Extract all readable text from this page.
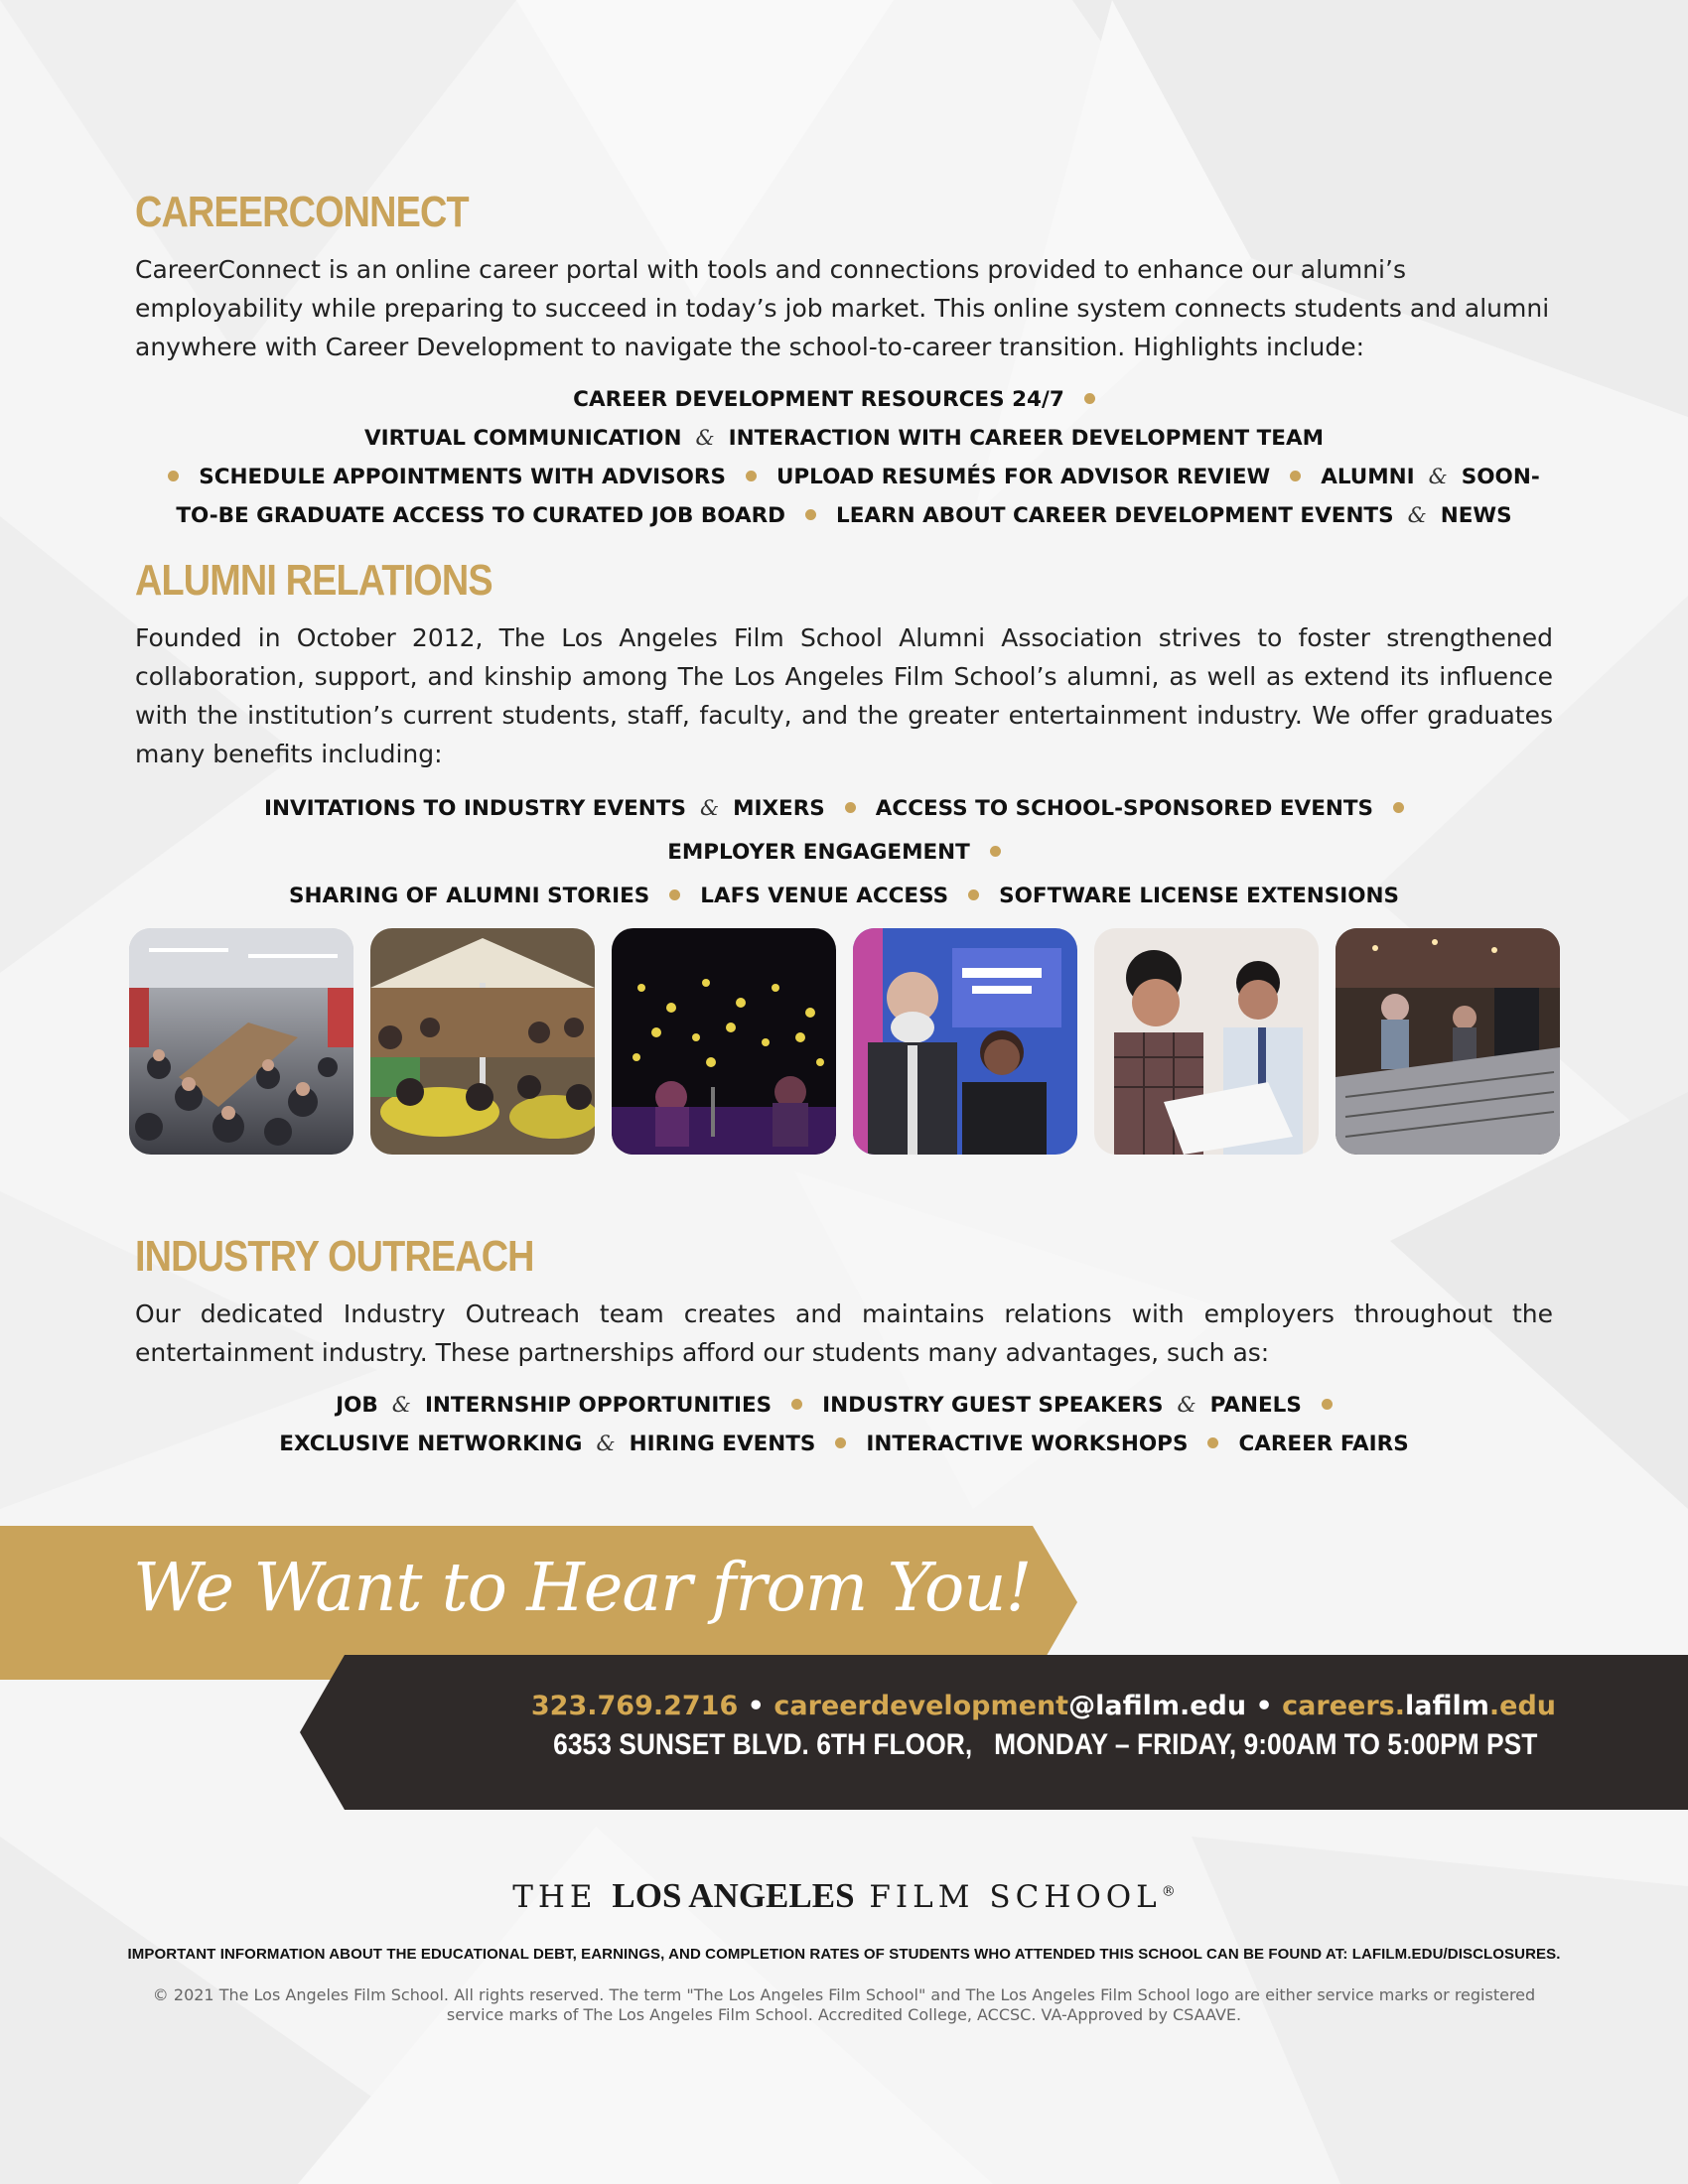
CAREERCONNECT

CareerConnect is an online career portal with tools and connections provided to enhance our alumni’s employability while preparing to succeed in today’s job market. This online system connects students and alumni anywhere with Career Development to navigate the school-to-career transition. Highlights include:

CAREER DEVELOPMENT RESOURCES 24/7VIRTUAL COMMUNICATION & INTERACTION WITH CAREER DEVELOPMENT TEAM
SCHEDULE APPOINTMENTS WITH ADVISORS UPLOAD RESUMÉS FOR ADVISOR REVIEW ALUMNI & SOON-TO-BE GRADUATE ACCESS TO CURATED JOB BOARD LEARN ABOUT CAREER DEVELOPMENT EVENTS & NEWS
ALUMNI RELATIONS

Founded in October 2012, The Los Angeles Film School Alumni Association strives to foster strengthened collaboration, support, and kinship among The Los Angeles Film School’s alumni, as well as extend its influence with the institution’s current students, staff, faculty, and the greater entertainment industry. We offer graduates many benefits including:

INVITATIONS TO INDUSTRY EVENTS & MIXERS ACCESS TO SCHOOL-SPONSORED EVENTSEMPLOYER ENGAGEMENT
SHARING OF ALUMNI STORIES LAFS VENUE ACCESS SOFTWARE LICENSE EXTENSIONS
INDUSTRY OUTREACH

Our dedicated Industry Outreach team creates and maintains relations with employers throughout the entertainment industry. These partnerships afford our students many advantages, such as:

JOB & INTERNSHIP OPPORTUNITIES INDUSTRY GUEST SPEAKERS & PANELS
EXCLUSIVE NETWORKING & HIRING EVENTS INTERACTIVE WORKSHOPS CAREER FAIRS

We Want to Hear from You!

323.769.2716 • careerdevelopment@lafilm.edu • careers.lafilm.edu

6353 SUNSET BLVD. 6TH FLOOR, MONDAY – FRIDAY, 9:00AM TO 5:00PM PST

THE LOS ANGELES FILM SCHOOL®

IMPORTANT INFORMATION ABOUT THE EDUCATIONAL DEBT, EARNINGS, AND COMPLETION RATES OF STUDENTS WHO ATTENDED THIS SCHOOL CAN BE FOUND AT: LAFILM.EDU/DISCLOSURES.

© 2021 The Los Angeles Film School. All rights reserved. The term "The Los Angeles Film School" and The Los Angeles Film School logo are either service marks or registered service marks of The Los Angeles Film School. Accredited College, ACCSC. VA-Approved by CSAAVE.
